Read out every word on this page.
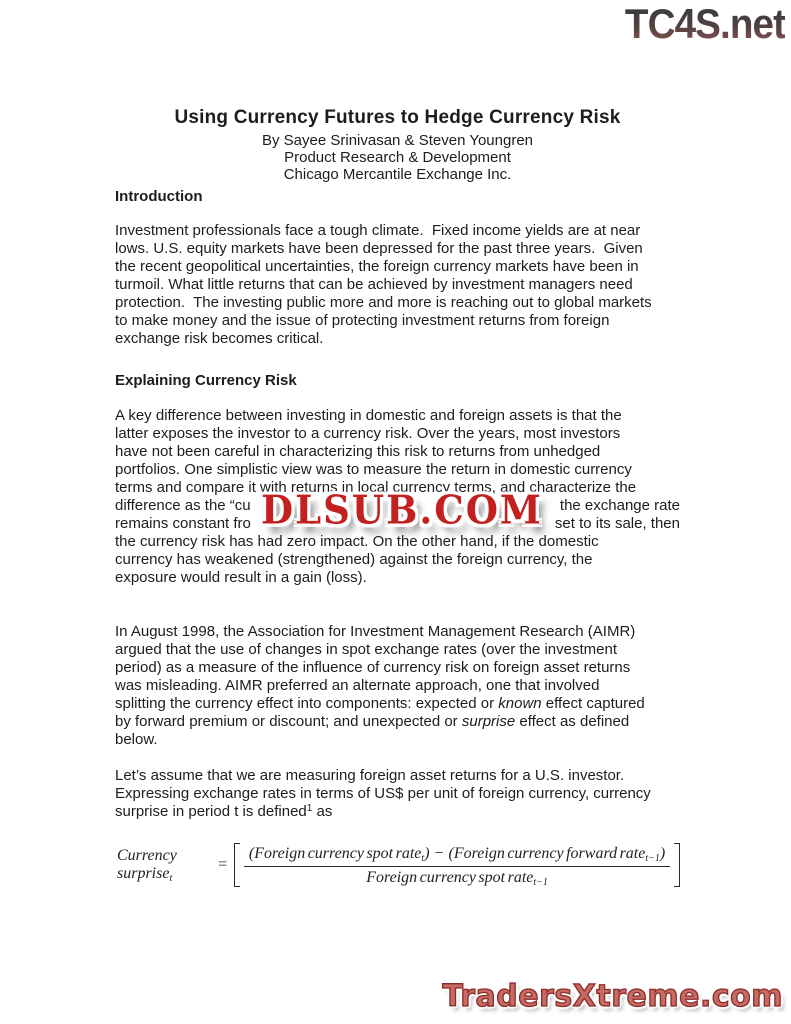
TC4S.net
Using Currency Futures to Hedge Currency Risk
By Sayee Srinivasan & Steven Youngren
Product Research & Development
Chicago Mercantile Exchange Inc.
Introduction
Investment professionals face a tough climate.  Fixed income yields are at near
lows. U.S. equity markets have been depressed for the past three years.  Given
the recent geopolitical uncertainties, the foreign currency markets have been in
turmoil. What little returns that can be achieved by investment managers need
protection.  The investing public more and more is reaching out to global markets
to make money and the issue of protecting investment returns from foreign
exchange risk becomes critical.
Explaining Currency Risk
A key difference between investing in domestic and foreign assets is that the
latter exposes the investor to a currency risk. Over the years, most investors
have not been careful in characterizing this risk to returns from unhedged
portfolios. One simplistic view was to measure the return in domestic currency
terms and compare it with returns in local currency terms, and characterize the
difference as the “cu	the exchange rate
remains constant fro	set to its sale, then
the currency risk has had zero impact. On the other hand, if the domestic
currency has weakened (strengthened) against the foreign currency, the
exposure would result in a gain (loss).
In August 1998, the Association for Investment Management Research (AIMR)
argued that the use of changes in spot exchange rates (over the investment
period) as a measure of the influence of currency risk on foreign asset returns
was misleading. AIMR preferred an alternate approach, one that involved
splitting the currency effect into components: expected or known effect captured
by forward premium or discount; and unexpected or surprise effect as defined
below.
Let’s assume that we are measuring foreign asset returns for a U.S. investor.
Expressing exchange rates in terms of US$ per unit of foreign currency, currency
surprise in period t is defined$^1$ as
Currency surprise$_t$
=
(Foreign currency spot rate$_t$) − (Foreign currency forward rate$_{t-1}$)
Foreign currency spot rate$_{t-1}$
DLSUB.COM
TradersXtreme.com
